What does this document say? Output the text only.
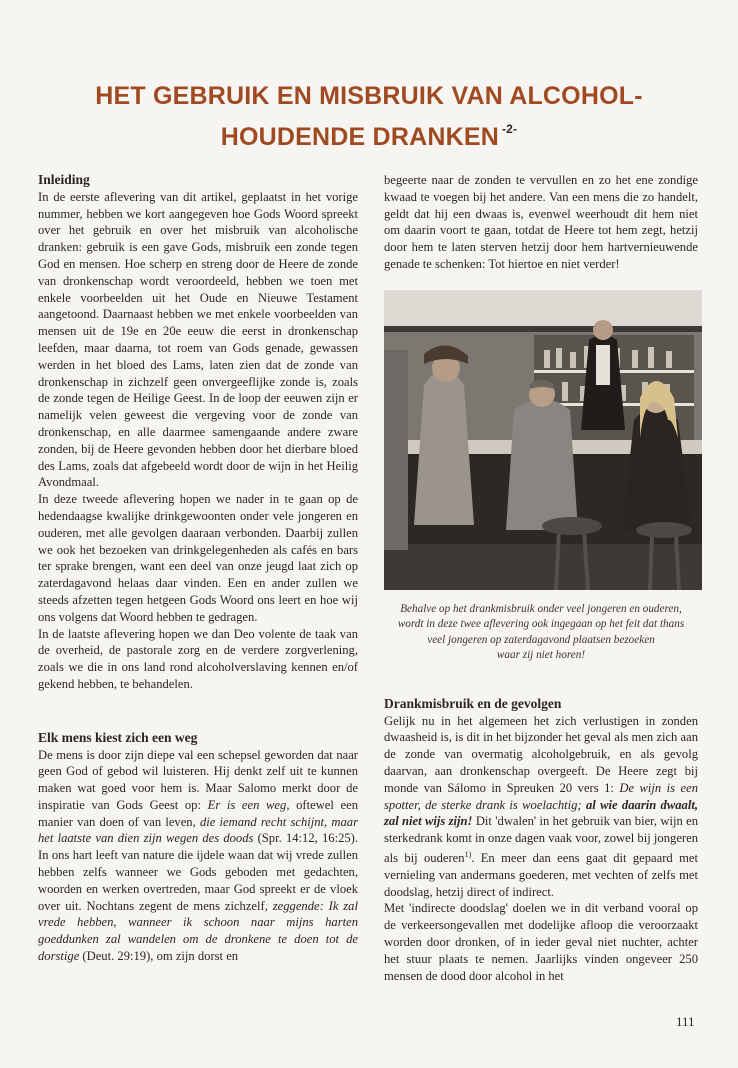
HET GEBRUIK EN MISBRUIK VAN ALCOHOL-
HOUDENDE DRANKEN $^{-2-}$

Inleiding

In de eerste aflevering van dit artikel, geplaatst in het vorige nummer, hebben we kort aangegeven hoe Gods Woord spreekt over het gebruik en over het misbruik van alcoholische dranken: gebruik is een gave Gods, misbruik een zonde tegen God en mensen. Hoe scherp en streng door de Heere de zonde van dronkenschap wordt veroordeeld, hebben we toen met enkele voorbeelden uit het Oude en Nieuwe Testament aangetoond. Daarnaast hebben we met enkele voorbeelden van mensen uit de 19e en 20e eeuw die eerst in dronkenschap leefden, maar daarna, tot roem van Gods genade, gewassen werden in het bloed des Lams, laten zien dat de zonde van dronkenschap in zichzelf geen onvergeeflijke zonde is, zoals de zonde tegen de Heilige Geest. In de loop der eeuwen zijn er namelijk velen geweest die vergeving voor de zonde van dronkenschap, en alle daarmee samengaande andere zware zonden, bij de Heere gevonden hebben door het dierbare bloed des Lams, zoals dat afgebeeld wordt door de wijn in het Heilig Avondmaal.

In deze tweede aflevering hopen we nader in te gaan op de hedendaagse kwalijke drinkgewoonten onder vele jongeren en ouderen, met alle gevolgen daaraan verbonden. Daarbij zullen we ook het bezoeken van drinkgelegenheden als cafés en bars ter sprake brengen, want een deel van onze jeugd laat zich op zaterdagavond helaas daar vinden. Een en ander zullen we steeds afzetten tegen hetgeen Gods Woord ons leert en hoe wij ons volgens dat Woord hebben te gedragen.

In de laatste aflevering hopen we dan Deo volente de taak van de overheid, de pastorale zorg en de verdere zorgverlening, zoals we die in ons land rond alcoholverslaving kennen en/of gekend hebben, te behandelen.

Elk mens kiest zich een weg

De mens is door zijn diepe val een schepsel geworden dat naar geen God of gebod wil luisteren. Hij denkt zelf uit te kunnen maken wat goed voor hem is. Maar Salomo merkt door de inspiratie van Gods Geest op: Er is een weg, oftewel een manier van doen of van leven, die iemand recht schijnt, maar het laatste van dien zijn wegen des doods (Spr. 14:12, 16:25). In ons hart leeft van nature die ijdele waan dat wij vrede zullen hebben zelfs wanneer we Gods geboden met gedachten, woorden en werken overtreden, maar God spreekt er de vloek over uit. Nochtans zegent de mens zichzelf, zeggende: Ik zal vrede hebben, wanneer ik schoon naar mijns harten goeddunken zal wandelen om de dronkene te doen tot de dorstige (Deut. 29:19), om zijn dorst en

begeerte naar de zonden te vervullen en zo het ene zondige kwaad te voegen bij het andere. Van een mens die zo handelt, geldt dat hij een dwaas is, evenwel weerhoudt dit hem niet om daarin voort te gaan, totdat de Heere tot hem zegt, hetzij door hem te laten sterven hetzij door hem hartvernieuwende genade te schenken: Tot hiertoe en niet verder!

Behalve op het drankmisbruik onder veel jongeren en ouderen,
wordt in deze twee aflevering ook ingegaan op het feit dat thans
veel jongeren op zaterdagavond plaatsen bezoeken
waar zij niet horen!

Drankmisbruik en de gevolgen

Gelijk nu in het algemeen het zich verlustigen in zonden dwaasheid is, is dit in het bijzonder het geval als men zich aan de zonde van overmatig alcoholgebruik, en als gevolg daarvan, aan dronkenschap overgeeft. De Heere zegt bij monde van Sálomo in Spreuken 20 vers 1: De wijn is een spotter, de sterke drank is woelachtig; al wie daarin dwaalt, zal niet wijs zijn! Dit 'dwalen' in het gebruik van bier, wijn en sterkedrank komt in onze dagen vaak voor, zowel bij jongeren als bij ouderen$^{1)}$. En meer dan eens gaat dit gepaard met vernieling van andermans goederen, met vechten of zelfs met doodslag, hetzij direct of indirect.

Met 'indirecte doodslag' doelen we in dit verband vooral op de verkeersongevallen met dodelijke afloop die veroorzaakt worden door dronken, of in ieder geval niet nuchter, achter het stuur plaats te nemen. Jaarlijks vinden ongeveer 250 mensen de dood door alcohol in het

111
